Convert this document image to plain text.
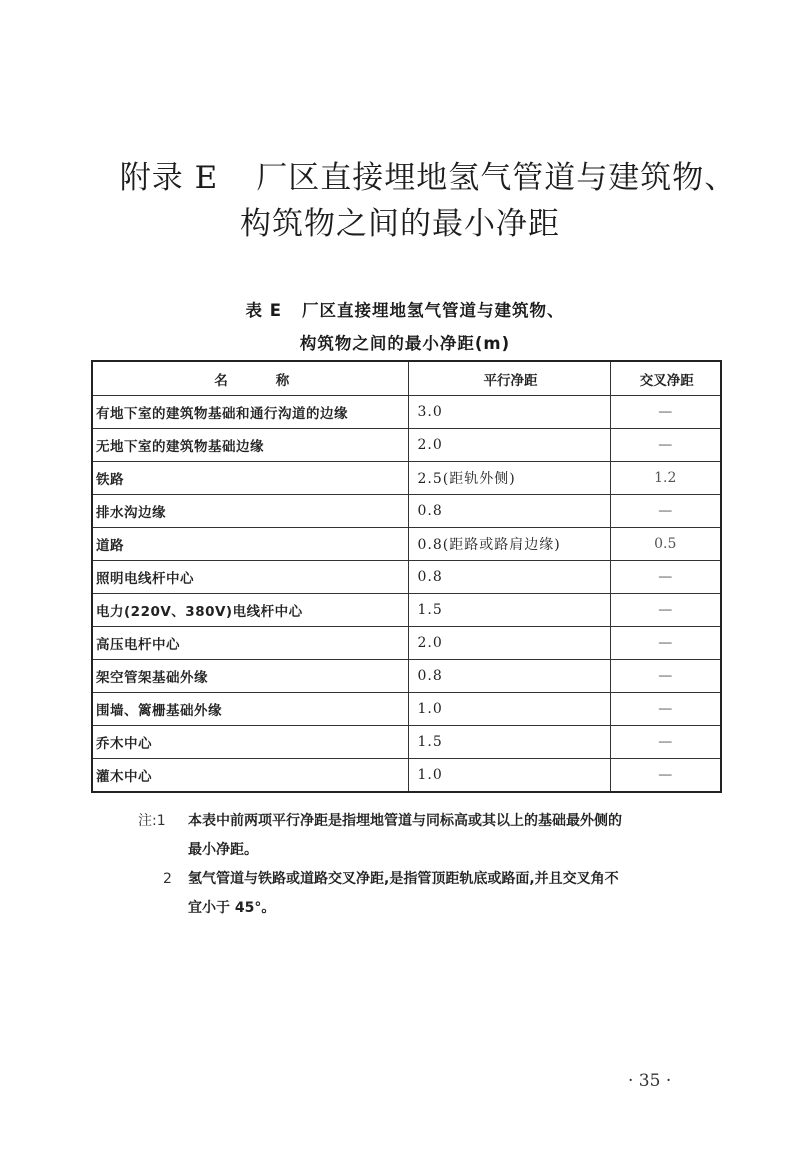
附录 E 厂区直接埋地氢气管道与建筑物、
构筑物之间的最小净距
表 E 厂区直接埋地氢气管道与建筑物、
构筑物之间的最小净距(m)
名称	平行净距	交叉净距
有地下室的建筑物基础和通行沟道的边缘	3.0	—
无地下室的建筑物基础边缘	2.0	—
铁路	2.5(距轨外侧)	1.2
排水沟边缘	0.8	—
道路	0.8(距路或路肩边缘)	0.5
照明电线杆中心	0.8	—
电力(220V、380V)电线杆中心	1.5	—
高压电杆中心	2.0	—
架空管架基础外缘	0.8	—
围墙、篱栅基础外缘	1.0	—
乔木中心	1.5	—
灌木中心	1.0	—
注:1 本表中前两项平行净距是指埋地管道与同标高或其以上的基础最外侧的
最小净距。
2 氢气管道与铁路或道路交叉净距,是指管顶距轨底或路面,并且交叉角不
宜小于 45°。
· 35 ·
